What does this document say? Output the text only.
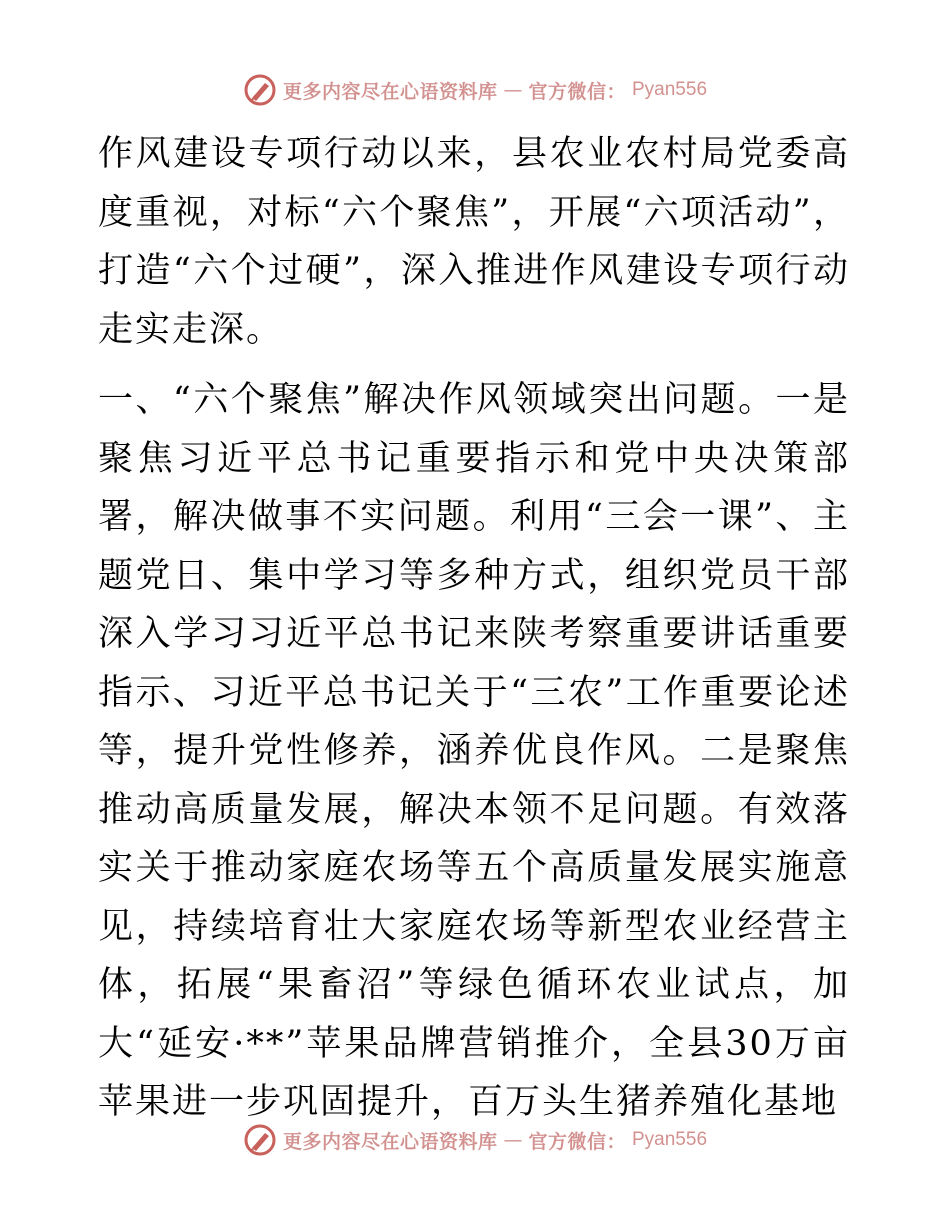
更多内容尽在心语资料库 — 官方微信： Pyan556

作风建设专项行动以来，县农业农村局党委高度重视，对标“六个聚焦”，开展“六项活动”，打造“六个过硬”，深入推进作风建设专项行动走实走深。

一、“六个聚焦”解决作风领域突出问题。一是聚焦习近平总书记重要指示和党中央决策部署，解决做事不实问题。利用“三会一课”、主题党日、集中学习等多种方式，组织党员干部深入学习习近平总书记来陕考察重要讲话重要指示、习近平总书记关于“三农”工作重要论述等，提升党性修养，涵养优良作风。二是聚焦推动高质量发展，解决本领不足问题。有效落实关于推动家庭农场等五个高质量发展实施意见，持续培育壮大家庭农场等新型农业经营主体，拓展“果畜沼”等绿色循环农业试点，加大“延安·**”苹果品牌营销推介，全县30万亩苹果进一步巩固提升，百万头生猪养殖化基地

更多内容尽在心语资料库 — 官方微信： Pyan556
